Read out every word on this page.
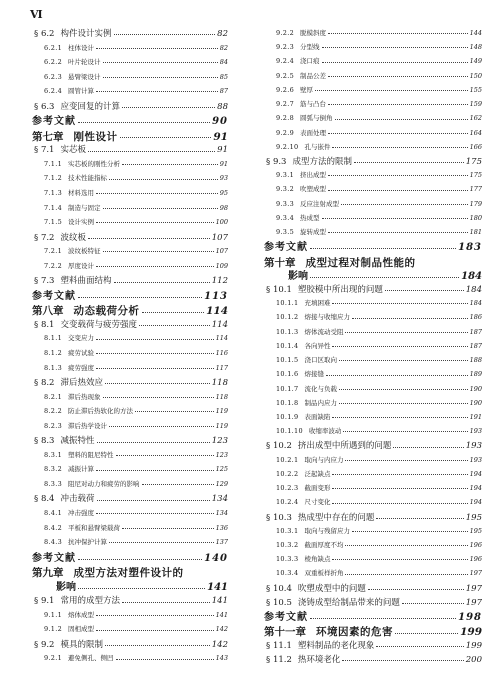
Ⅵ
§ 6.2 构件设计实例	82
6.2.1 柱体设计	82
6.2.2 叶片轮设计	84
6.2.3 悬臂梁设计	85
6.2.4 圆管计算	87
§ 6.3 应变回复的计算	88
参考文献	90
第七章 刚性设计	91
§ 7.1 实芯板	91
7.1.1 实芯板的刚性分析	91
7.1.2 技术性能指标	93
7.1.3 材料选用	95
7.1.4 制造与固定	98
7.1.5 设计实例	100
§ 7.2 波纹板	107
7.2.1 波纹板特征	107
7.2.2 厚度设计	109
§ 7.3 塑料曲面结构	112
参考文献	113
第八章 动态载荷分析	114
§ 8.1 交变载荷与疲劳强度	114
8.1.1 交变应力	114
8.1.2 疲劳试验	116
8.1.3 疲劳强度	117
§ 8.2 滞后热效应	118
8.2.1 滞后热现象	118
8.2.2 防止滞后热软化的方法	119
8.2.3 滞后热学设计	119
§ 8.3 减振特性	123
8.3.1 塑料的阻尼特性	123
8.3.2 减振计算	125
8.3.3 阻尼对动力和疲劳的影响	129
§ 8.4 冲击载荷	134
8.4.1 冲击强度	134
8.4.2 平板和悬臂梁载荷	136
8.4.3 抗冲保护计算	137
参考文献	140
第九章 成型方法对塑件设计的
影响	141
§ 9.1 常用的成型方法	141
9.1.1 熔体成型	141
9.1.2 固相成型	142
§ 9.2 模具的限制	142
9.2.1 避免侧孔、侧凹	143
9.2.2 脱模斜度	144
9.2.3 分型线	148
9.2.4 浇口痕	149
9.2.5 制品公差	150
9.2.6 壁厚	155
9.2.7 筋与凸台	159
9.2.8 圆弧与倒角	162
9.2.9 表面处理	164
9.2.10 孔与嵌件	166
§ 9.3 成型方法的限制	175
9.3.1 挤出成型	175
9.3.2 吹塑成型	177
9.3.3 反应注射成型	179
9.3.4 热成型	180
9.3.5 旋转成型	181
参考文献	183
第十章 成型过程对制品性能的
影响	184
§ 10.1 塑胶模中所出现的问题	184
10.1.1 充填困难	184
10.1.2 熔接与收缩应力	186
10.1.3 熔体流动受阻	187
10.1.4 各向异性	187
10.1.5 浇口区取向	188
10.1.6 熔接缝	189
10.1.7 流化与负载	190
10.1.8 制品内应力	190
10.1.9 表面缺陷	191
10.1.10 收缩率波动	193
§ 10.2 挤出成型中所遇到的问题	193
10.2.1 取向与内应力	193
10.2.2 泛起缺点	194
10.2.3 截面变形	194
10.2.4 尺寸变化	194
§ 10.3 热成型中存在的问题	195
10.3.1 取向与残留应力	195
10.3.2 截面厚度不均	196
10.3.3 棱角缺点	196
10.3.4 双重板样折角	197
§ 10.4 吹塑成型中的问题	197
§ 10.5 浇铸成型给制品带来的问题	197
参考文献	198
第十一章 环境因素的危害	199
§ 11.1 塑料制品的老化现象	199
§ 11.2 热环境老化	200
